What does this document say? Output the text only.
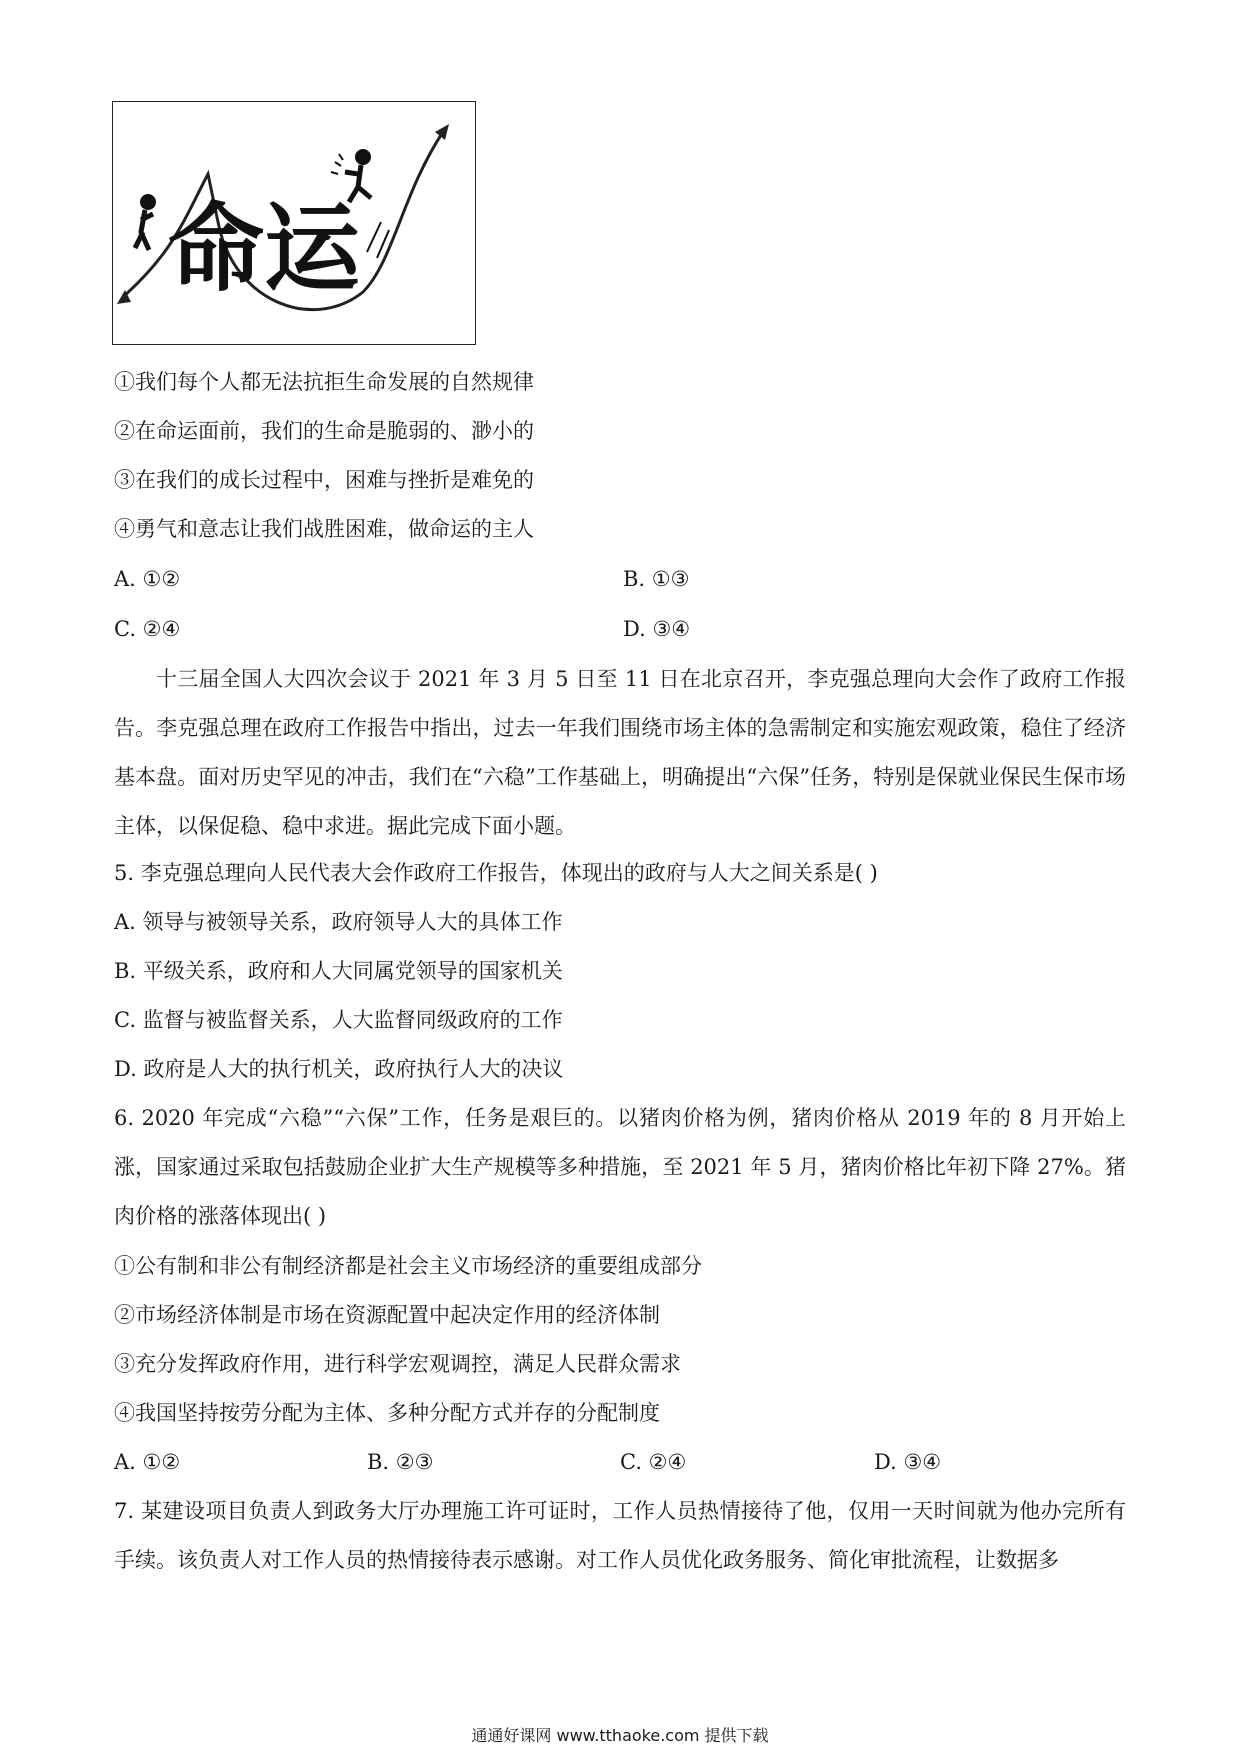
命运
①我们每个人都无法抗拒生命发展的自然规律
②在命运面前，我们的生命是脆弱的、渺小的
③在我们的成长过程中，困难与挫折是难免的
④勇气和意志让我们战胜困难，做命运的主人
A. ①②	B. ①③
C. ②④	D. ③④
十三届全国人大四次会议于 2021 年 3 月 5 日至 11 日在北京召开，李克强总理向大会作了政府工作报告。李克强总理在政府工作报告中指出，过去一年我们围绕市场主体的急需制定和实施宏观政策，稳住了经济基本盘。面对历史罕见的冲击，我们在“六稳”工作基础上，明确提出“六保”任务，特别是保就业保民生保市场主体，以保促稳、稳中求进。据此完成下面小题。
5. 李克强总理向人民代表大会作政府工作报告，体现出的政府与人大之间关系是( )
A. 领导与被领导关系，政府领导人大的具体工作
B. 平级关系，政府和人大同属党领导的国家机关
C. 监督与被监督关系，人大监督同级政府的工作
D. 政府是人大的执行机关，政府执行人大的决议
6. 2020 年完成“六稳”“六保”工作，任务是艰巨的。以猪肉价格为例，猪肉价格从 2019 年的 8 月开始上涨，国家通过采取包括鼓励企业扩大生产规模等多种措施，至 2021 年 5 月，猪肉价格比年初下降 27%。猪肉价格的涨落体现出( )
①公有制和非公有制经济都是社会主义市场经济的重要组成部分
②市场经济体制是市场在资源配置中起决定作用的经济体制
③充分发挥政府作用，进行科学宏观调控，满足人民群众需求
④我国坚持按劳分配为主体、多种分配方式并存的分配制度
A. ①②	B. ②③	C. ②④	D. ③④
7. 某建设项目负责人到政务大厅办理施工许可证时，工作人员热情接待了他，仅用一天时间就为他办完所有手续。该负责人对工作人员的热情接待表示感谢。对工作人员优化政务服务、简化审批流程，让数据多
通通好课网 www.tthaoke.com 提供下载
